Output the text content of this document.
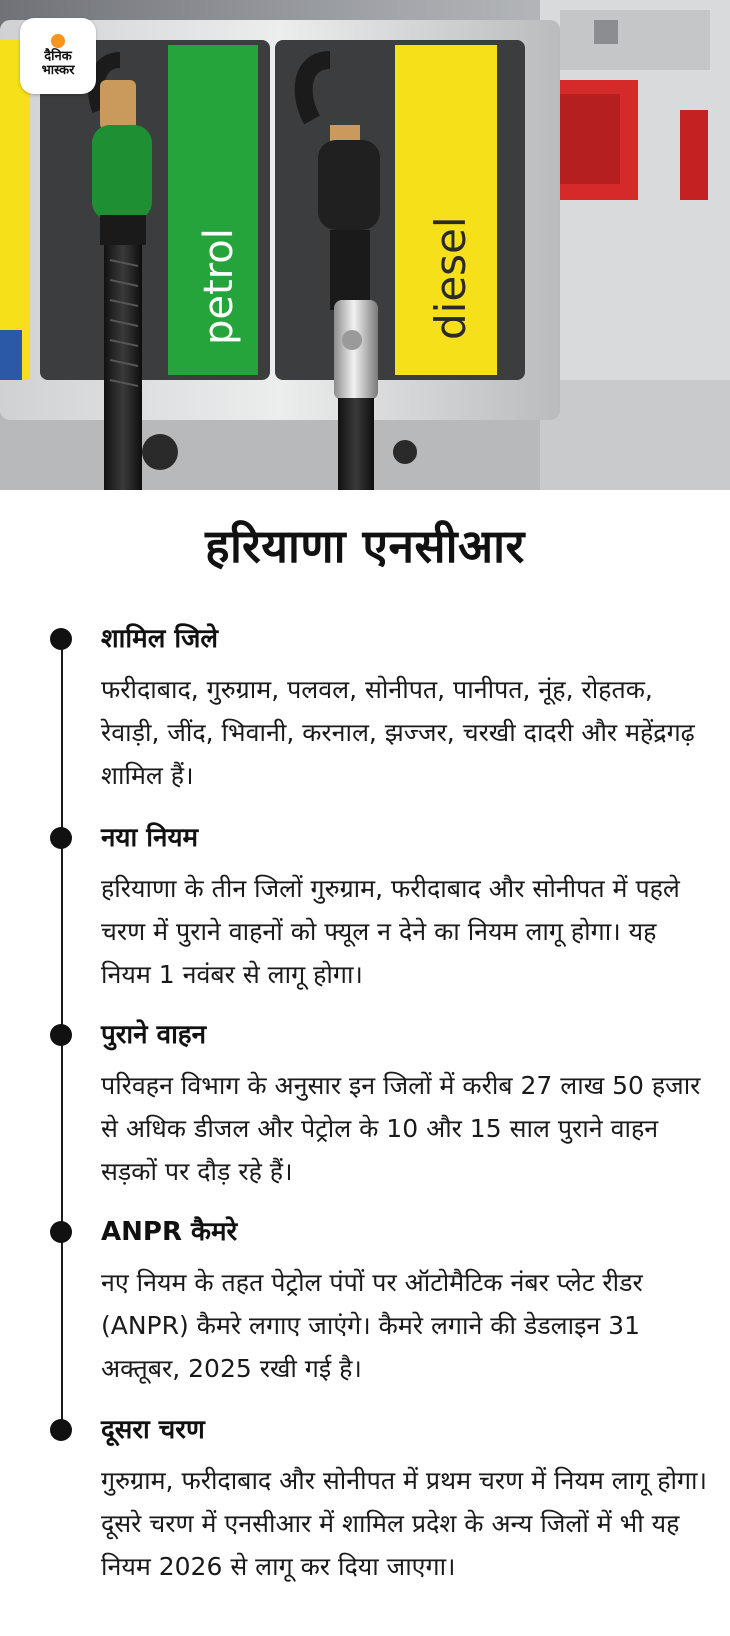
petrol	diesel
दैनिक
भास्कर
हरियाणा एनसीआर
शामिल जिले
फरीदाबाद, गुरुग्राम, पलवल, सोनीपत, पानीपत, नूंह, रोहतक, रेवाड़ी, जींद, भिवानी, करनाल, झज्जर, चरखी दादरी और महेंद्रगढ़ शामिल हैं।
नया नियम
हरियाणा के तीन जिलों गुरुग्राम, फरीदाबाद और सोनीपत में पहले चरण में पुराने वाहनों को फ्यूल न देने का नियम लागू होगा। यह नियम 1 नवंबर से लागू होगा।
पुराने वाहन
परिवहन विभाग के अनुसार इन जिलों में करीब 27 लाख 50 हजार से अधिक डीजल और पेट्रोल के 10 और 15 साल पुराने वाहन सड़कों पर दौड़ रहे हैं।
ANPR कैमरे
नए नियम के तहत पेट्रोल पंपों पर ऑटोमैटिक नंबर प्लेट रीडर (ANPR) कैमरे लगाए जाएंगे। कैमरे लगाने की डेडलाइन 31 अक्तूबर, 2025 रखी गई है।
दूसरा चरण
गुरुग्राम, फरीदाबाद और सोनीपत में प्रथम चरण में नियम लागू होगा। दूसरे चरण में एनसीआर में शामिल प्रदेश के अन्य जिलों में भी यह नियम 2026 से लागू कर दिया जाएगा।
